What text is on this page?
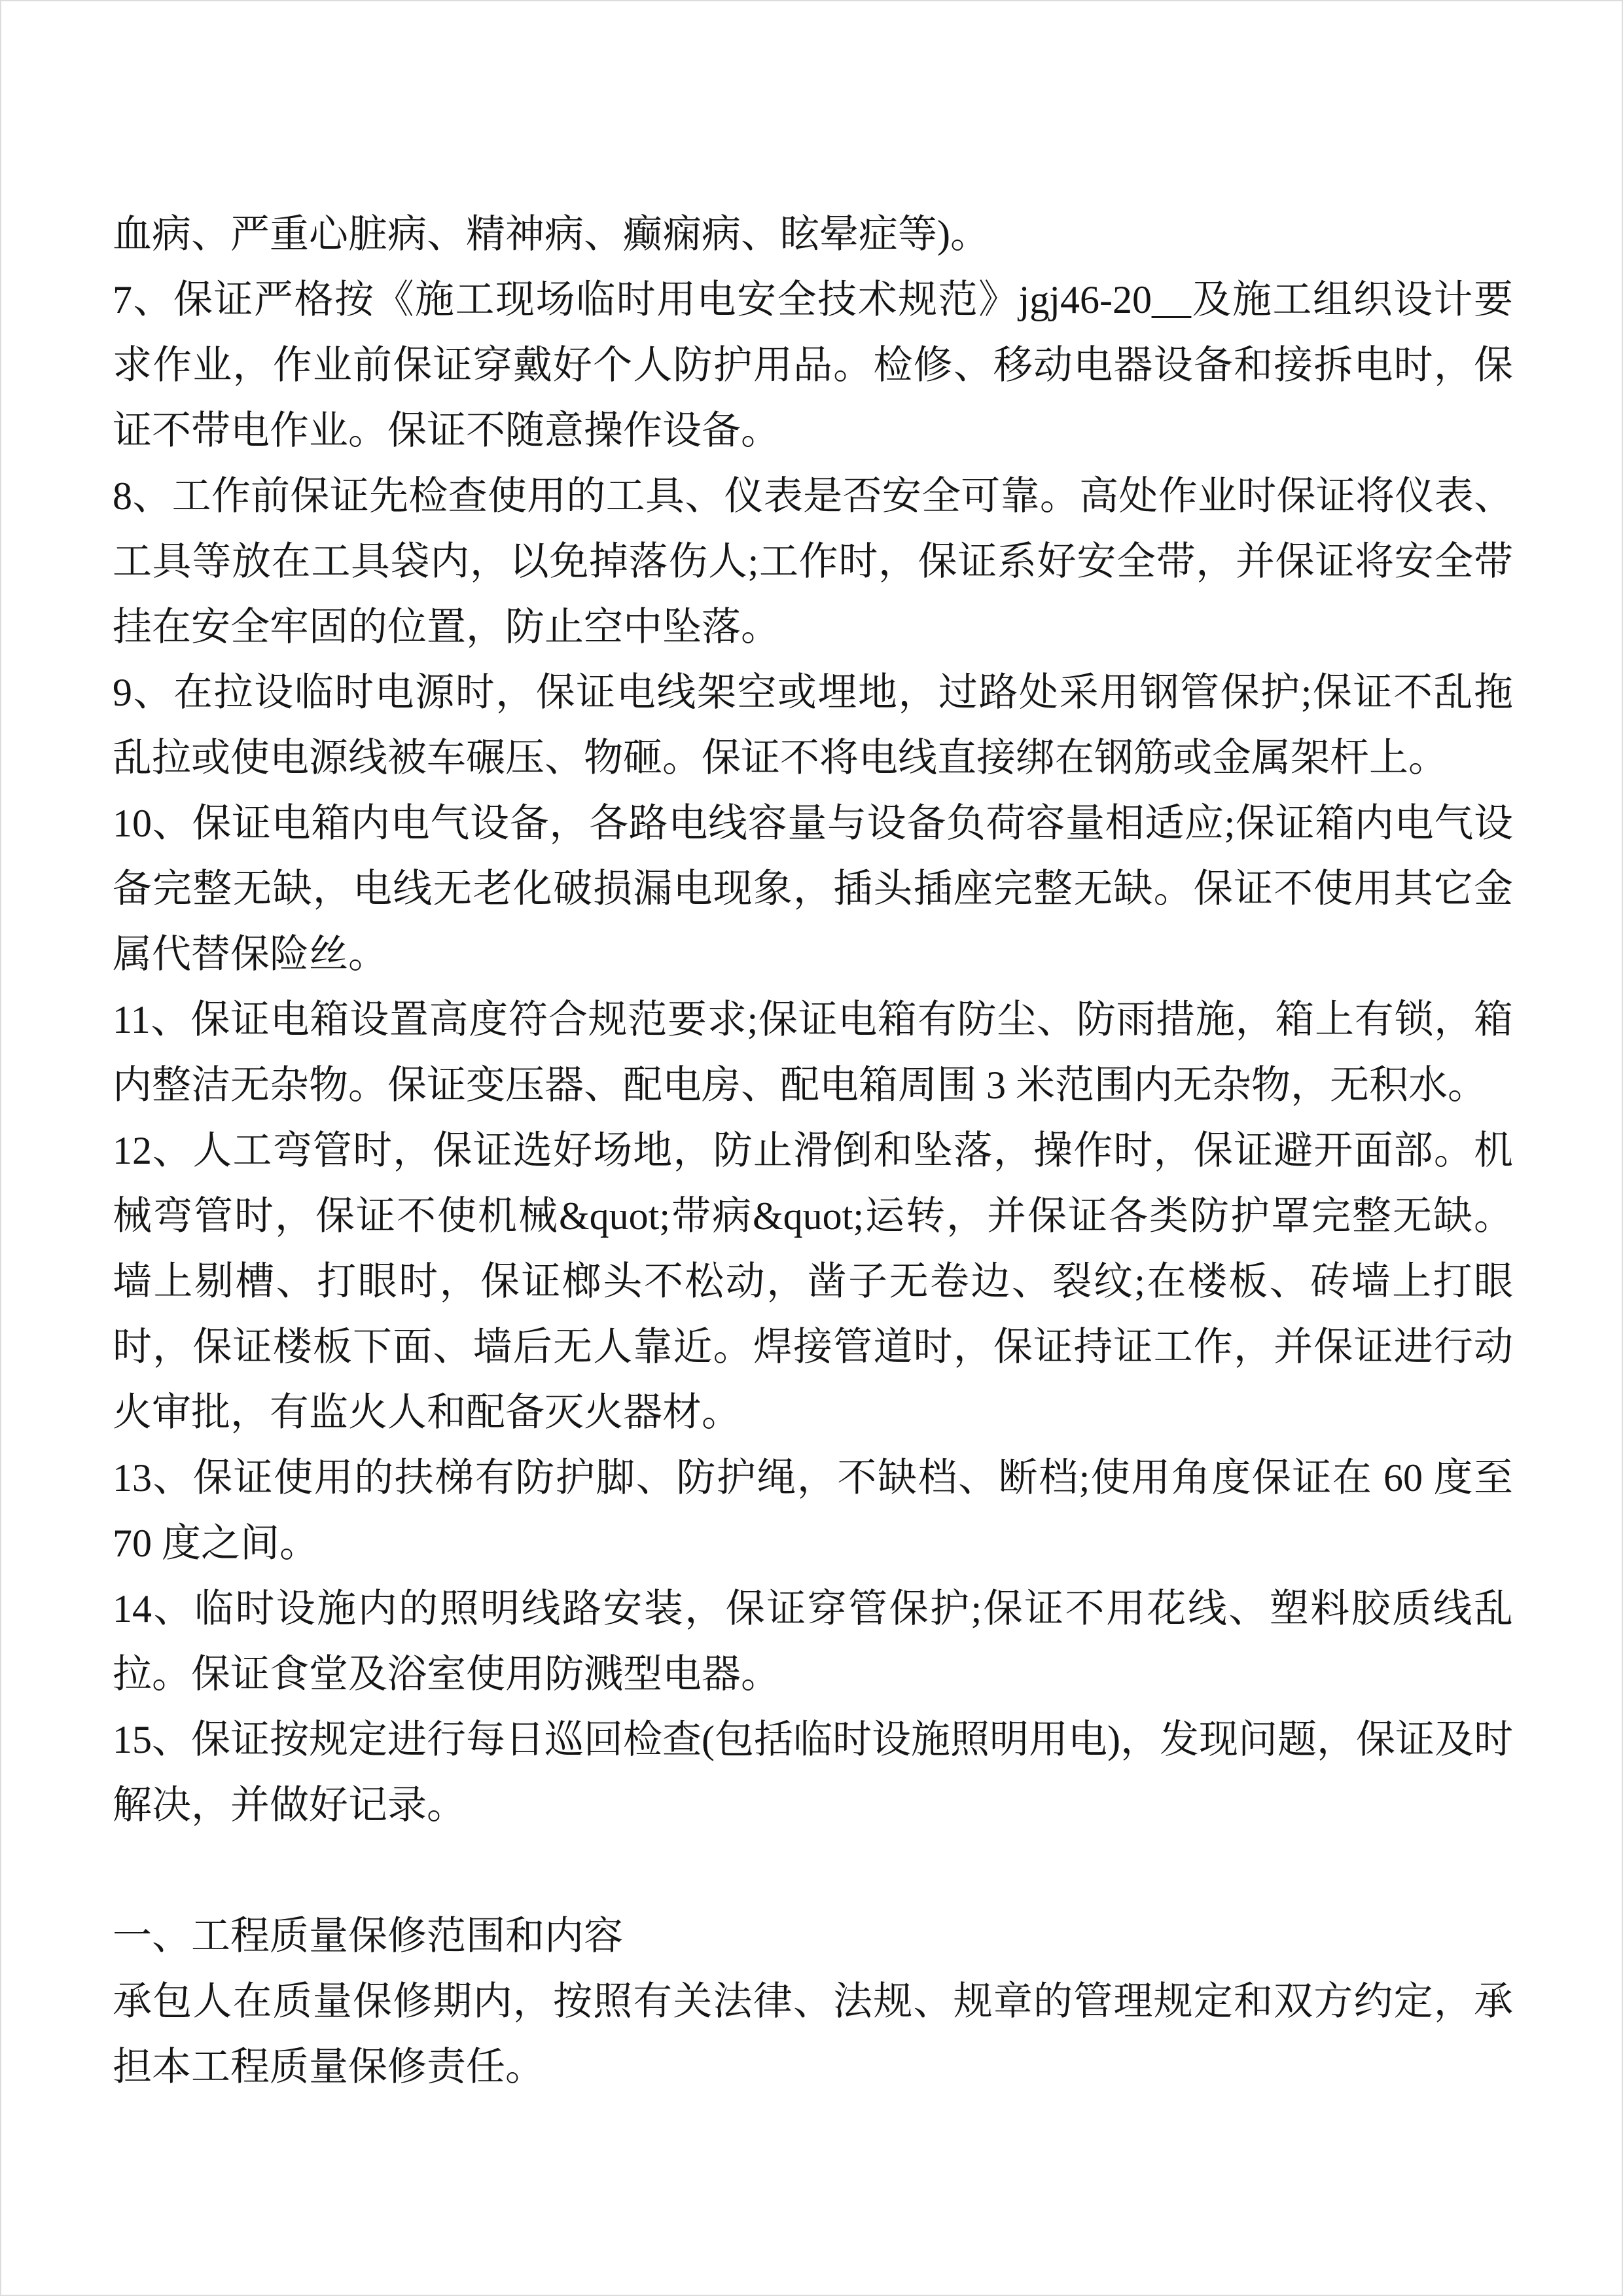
血病、严重心脏病、精神病、癫痫病、眩晕症等)。

7、保证严格按《施工现场临时用电安全技术规范》jgj46-20__及施工组织设计要求作业，作业前保证穿戴好个人防护用品。检修、移动电器设备和接拆电时，保证不带电作业。保证不随意操作设备。

8、工作前保证先检查使用的工具、仪表是否安全可靠。高处作业时保证将仪表、工具等放在工具袋内，以免掉落伤人;工作时，保证系好安全带，并保证将安全带挂在安全牢固的位置，防止空中坠落。

9、在拉设临时电源时，保证电线架空或埋地，过路处采用钢管保护;保证不乱拖乱拉或使电源线被车碾压、物砸。保证不将电线直接绑在钢筋或金属架杆上。

10、保证电箱内电气设备，各路电线容量与设备负荷容量相适应;保证箱内电气设备完整无缺，电线无老化破损漏电现象，插头插座完整无缺。保证不使用其它金属代替保险丝。

11、保证电箱设置高度符合规范要求;保证电箱有防尘、防雨措施，箱上有锁，箱内整洁无杂物。保证变压器、配电房、配电箱周围 3 米范围内无杂物，无积水。

12、人工弯管时，保证选好场地，防止滑倒和坠落，操作时，保证避开面部。机械弯管时，保证不使机械&quot;带病&quot;运转，并保证各类防护罩完整无缺。墙上剔槽、打眼时，保证榔头不松动，凿子无卷边、裂纹;在楼板、砖墙上打眼时，保证楼板下面、墙后无人靠近。焊接管道时，保证持证工作，并保证进行动火审批，有监火人和配备灭火器材。

13、保证使用的扶梯有防护脚、防护绳，不缺档、断档;使用角度保证在 60 度至 70 度之间。

14、临时设施内的照明线路安装，保证穿管保护;保证不用花线、塑料胶质线乱拉。保证食堂及浴室使用防溅型电器。

15、保证按规定进行每日巡回检查(包括临时设施照明用电)，发现问题，保证及时解决，并做好记录。

一、工程质量保修范围和内容

承包人在质量保修期内，按照有关法律、法规、规章的管理规定和双方约定，承担本工程质量保修责任。
